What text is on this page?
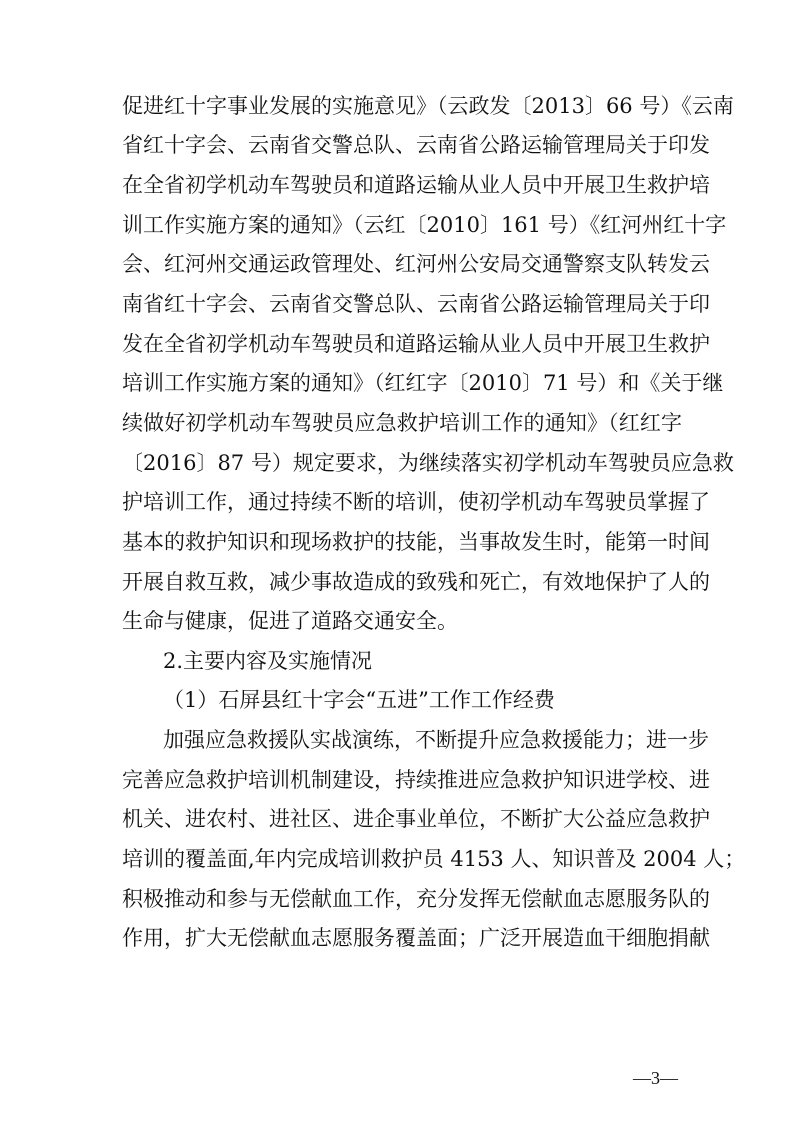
促进红十字事业发展的实施意见》（云政发〔2013〕66 号）《云南
省红十字会、云南省交警总队、云南省公路运输管理局关于印发
在全省初学机动车驾驶员和道路运输从业人员中开展卫生救护培
训工作实施方案的通知》（云红〔2010〕161 号）《红河州红十字
会、红河州交通运政管理处、红河州公安局交通警察支队转发云
南省红十字会、云南省交警总队、云南省公路运输管理局关于印
发在全省初学机动车驾驶员和道路运输从业人员中开展卫生救护
培训工作实施方案的通知》（红红字〔2010〕71 号）和《关于继
续做好初学机动车驾驶员应急救护培训工作的通知》（红红字
〔2016〕87 号）规定要求，为继续落实初学机动车驾驶员应急救
护培训工作，通过持续不断的培训，使初学机动车驾驶员掌握了
基本的救护知识和现场救护的技能，当事故发生时，能第一时间
开展自救互救，减少事故造成的致残和死亡，有效地保护了人的
生命与健康，促进了道路交通安全。
2.主要内容及实施情况
（1）石屏县红十字会“五进”工作工作经费
加强应急救援队实战演练，不断提升应急救援能力；进一步
完善应急救护培训机制建设，持续推进应急救护知识进学校、进
机关、进农村、进社区、进企事业单位，不断扩大公益应急救护
培训的覆盖面,年内完成培训救护员 4153 人、知识普及 2004 人；
积极推动和参与无偿献血工作，充分发挥无偿献血志愿服务队的
作用，扩大无偿献血志愿服务覆盖面；广泛开展造血干细胞捐献
—3—
